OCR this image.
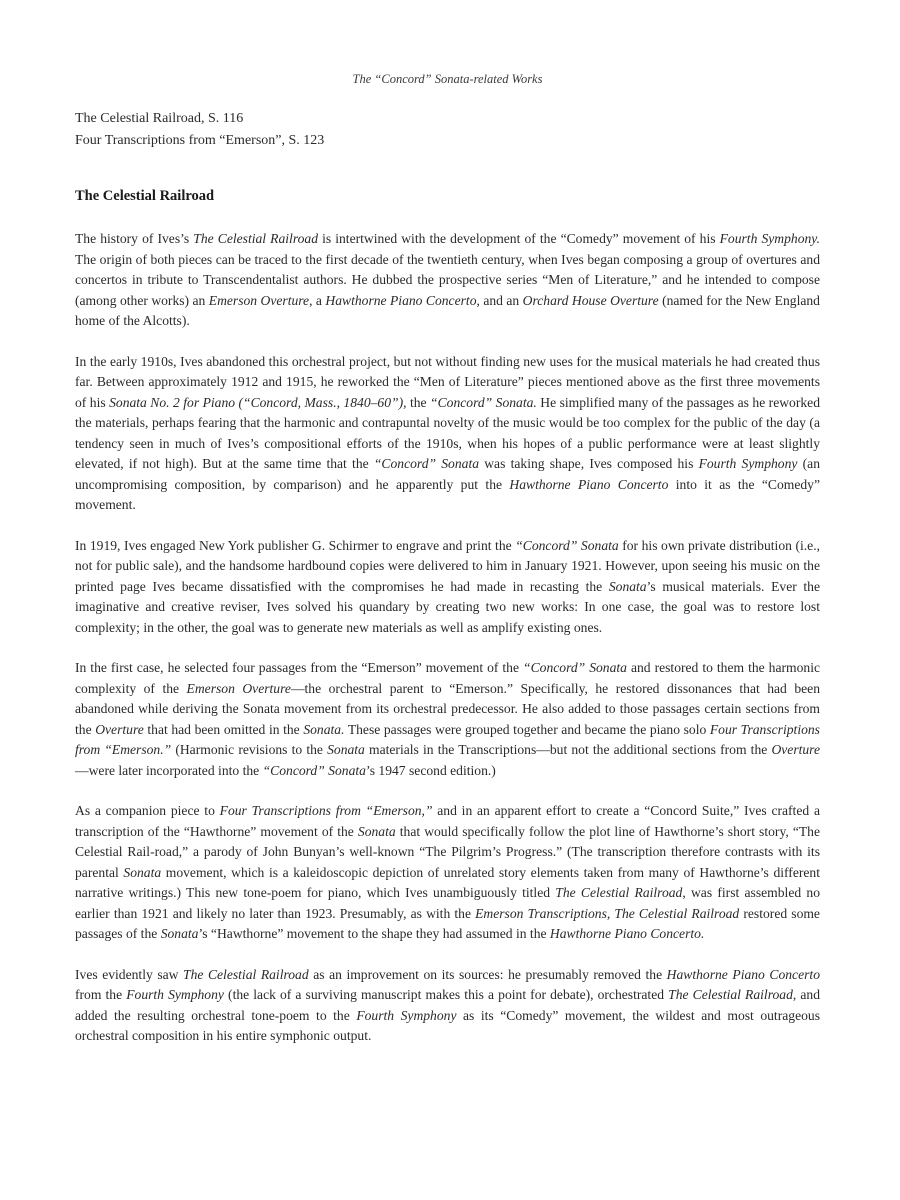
The “Concord” Sonata-related Works
The Celestial Railroad, S. 116
Four Transcriptions from “Emerson”, S. 123
The Celestial Railroad

The history of Ives’s The Celestial Railroad is intertwined with the development of the “Comedy” movement of his Fourth Symphony. The origin of both pieces can be traced to the first decade of the twentieth century, when Ives began composing a group of overtures and concertos in tribute to Transcendentalist authors. He dubbed the prospective series “Men of Literature,” and he intended to compose (among other works) an Emerson Overture, a Hawthorne Piano Concerto, and an Orchard House Overture (named for the New England home of the Alcotts).

In the early 1910s, Ives abandoned this orchestral project, but not without finding new uses for the musical materials he had created thus far. Between approximately 1912 and 1915, he reworked the “Men of Literature” pieces mentioned above as the first three movements of his Sonata No. 2 for Piano (“Concord, Mass., 1840–60”), the “Concord” Sonata. He simplified many of the passages as he reworked the materials, perhaps fearing that the harmonic and contrapuntal novelty of the music would be too complex for the public of the day (a tendency seen in much of Ives’s compositional efforts of the 1910s, when his hopes of a public performance were at least slightly elevated, if not high). But at the same time that the “Concord” Sonata was taking shape, Ives composed his Fourth Symphony (an uncompromising composition, by comparison) and he apparently put the Hawthorne Piano Concerto into it as the “Comedy” movement.

In 1919, Ives engaged New York publisher G. Schirmer to engrave and print the “Concord” Sonata for his own private distribution (i.e., not for public sale), and the handsome hardbound copies were delivered to him in January 1921. However, upon seeing his music on the printed page Ives became dissatisfied with the compromises he had made in recasting the Sonata’s musical materials. Ever the imaginative and creative reviser, Ives solved his quandary by creating two new works: In one case, the goal was to restore lost complexity; in the other, the goal was to generate new materials as well as amplify existing ones.

In the first case, he selected four passages from the “Emerson” movement of the “Concord” Sonata and restored to them the harmonic complexity of the Emerson Overture—the orchestral parent to “Emerson.” Specifically, he restored dissonances that had been abandoned while deriving the Sonata movement from its orchestral predecessor. He also added to those passages certain sections from the Overture that had been omitted in the Sonata. These passages were grouped together and became the piano solo Four Transcriptions from “Emerson.” (Harmonic revisions to the Sonata materials in the Transcriptions—but not the additional sections from the Overture—were later incorporated into the “Concord” Sonata’s 1947 second edition.)

As a companion piece to Four Transcriptions from “Emerson,” and in an apparent effort to create a “Concord Suite,” Ives crafted a transcription of the “Hawthorne” movement of the Sonata that would specifically follow the plot line of Hawthorne’s short story, “The Celestial Rail-road,” a parody of John Bunyan’s well-known “The Pilgrim’s Progress.” (The transcription therefore contrasts with its parental Sonata movement, which is a kaleidoscopic depiction of unrelated story elements taken from many of Hawthorne’s different narrative writings.) This new tone-poem for piano, which Ives unambiguously titled The Celestial Railroad, was first assembled no earlier than 1921 and likely no later than 1923. Presumably, as with the Emerson Transcriptions, The Celestial Railroad restored some passages of the Sonata’s “Hawthorne” movement to the shape they had assumed in the Hawthorne Piano Concerto.

Ives evidently saw The Celestial Railroad as an improvement on its sources: he presumably removed the Hawthorne Piano Concerto from the Fourth Symphony (the lack of a surviving manuscript makes this a point for debate), orchestrated The Celestial Railroad, and added the resulting orchestral tone-poem to the Fourth Symphony as its “Comedy” movement, the wildest and most outrageous orchestral composition in his entire symphonic output.
